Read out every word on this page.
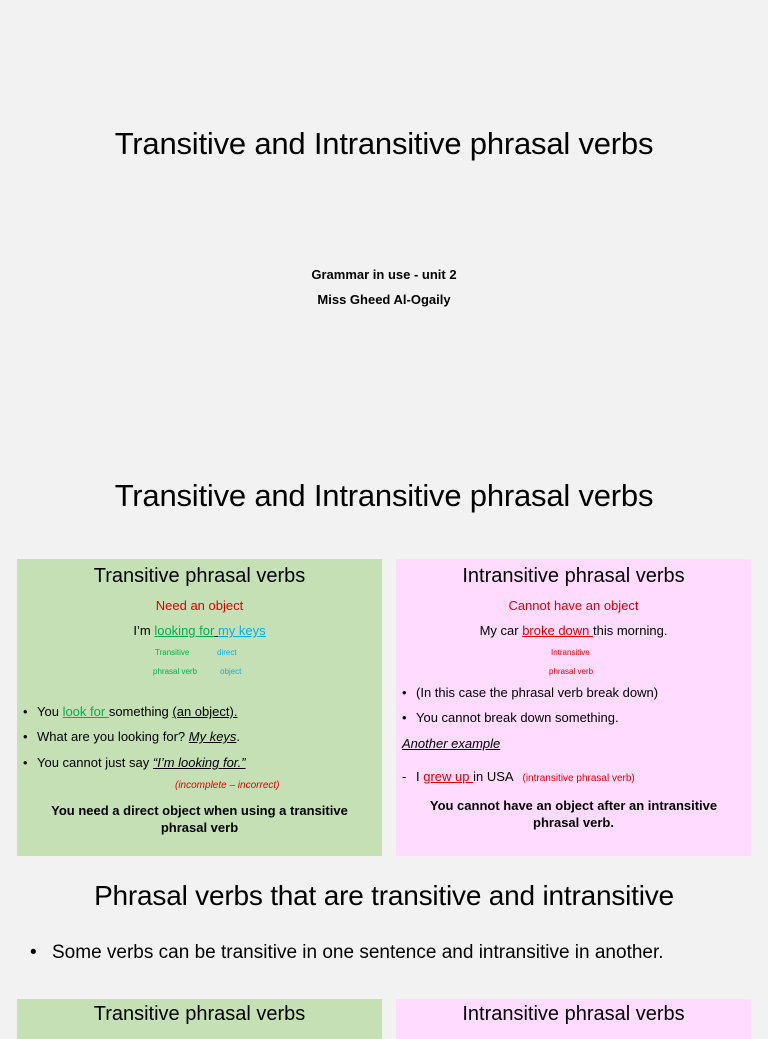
Transitive and Intransitive phrasal verbs
Grammar in use - unit 2
Miss Gheed Al-Ogaily
Transitive and Intransitive phrasal verbs
Transitive phrasal verbs
Need an object
I’m looking for my keys
Transitive
phrasal verb
direct
object
• You look for something (an object).
• What are you looking for? My keys.
• You cannot just say “I’m looking for.”
(incomplete – incorrect)
You need a direct object when using a transitive phrasal verb
Intransitive phrasal verbs
Cannot have an object
My car broke down this morning.
Intransitive
phrasal verb
• (In this case the phrasal verb break down)
• You cannot break down something.
Another example
- I grew up in USA (intransitive phrasal verb)
You cannot have an object after an intransitive phrasal verb.
Phrasal verbs that are transitive and intransitive
• Some verbs can be transitive in one sentence and intransitive in another.
Transitive phrasal verbs	Intransitive phrasal verbs
